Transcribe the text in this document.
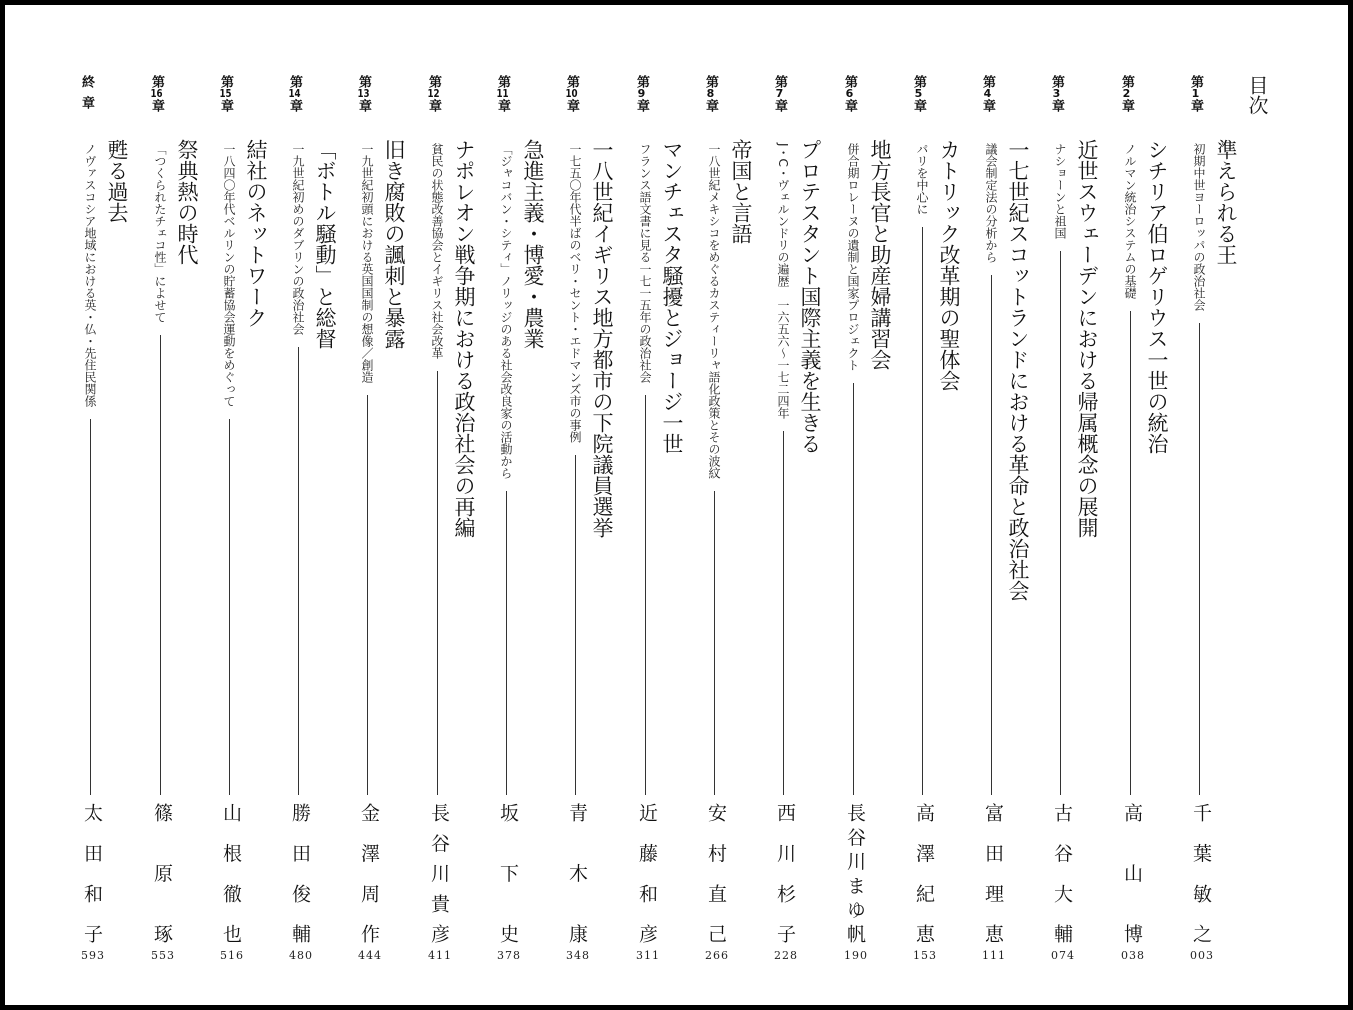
目次
第1章
準えられる王
初期中世ヨーロッパの政治社会
千葉敏之
003
第2章
シチリア伯ロゲリウス一世の統治
ノルマン統治システムの基礎
高山博
038
第3章
近世スウェーデンにおける帰属概念の展開
ナショーンと祖国
古谷大輔
074
第4章
一七世紀スコットランドにおける革命と政治社会
議会制定法の分析から
富田理恵
111
第5章
カトリック改革期の聖体会
パリを中心に
高澤紀恵
153
第6章
地方長官と助産婦講習会
併合期ロレーヌの遺制と国家プロジェクト
長谷川まゆ帆
190
第7章
プロテスタント国際主義を生きる
J・C・ヴェルンドリの遍歴　一六五六〜一七二四年
西川杉子
228
第8章
帝国と言語
一八世紀メキシコをめぐるカスティーリャ語化政策とその波紋
安村直己
266
第9章
マンチェスタ騒擾とジョージ一世
フランス語文書に見る一七一五年の政治社会
近藤和彦
311
第10章
一八世紀イギリス地方都市の下院議員選挙
一七五〇年代半ばのベリ・セント・エドマンズ市の事例
青木康
348
第11章
急進主義・博愛・農業
「ジャコバン・シティ」ノリッジのある社会改良家の活動から
坂下史
378
第12章
ナポレオン戦争期における政治社会の再編
貧民の状態改善協会とイギリス社会改革
長谷川貴彦
411
第13章
旧き腐敗の諷刺と暴露
一九世紀初頭における英国国制の想像／創造
金澤周作
444
第14章
「ボトル騒動」と総督
一九世紀初めのダブリンの政治社会
勝田俊輔
480
第15章
結社のネットワーク
一八四〇年代ベルリンの貯蓄協会運動をめぐって
山根徹也
516
第16章
祭典熱の時代
「つくられたチェコ性」によせて
篠原琢
553
終章
甦る過去
ノヴァスコシア地域における英・仏・先住民関係
太田和子
593
